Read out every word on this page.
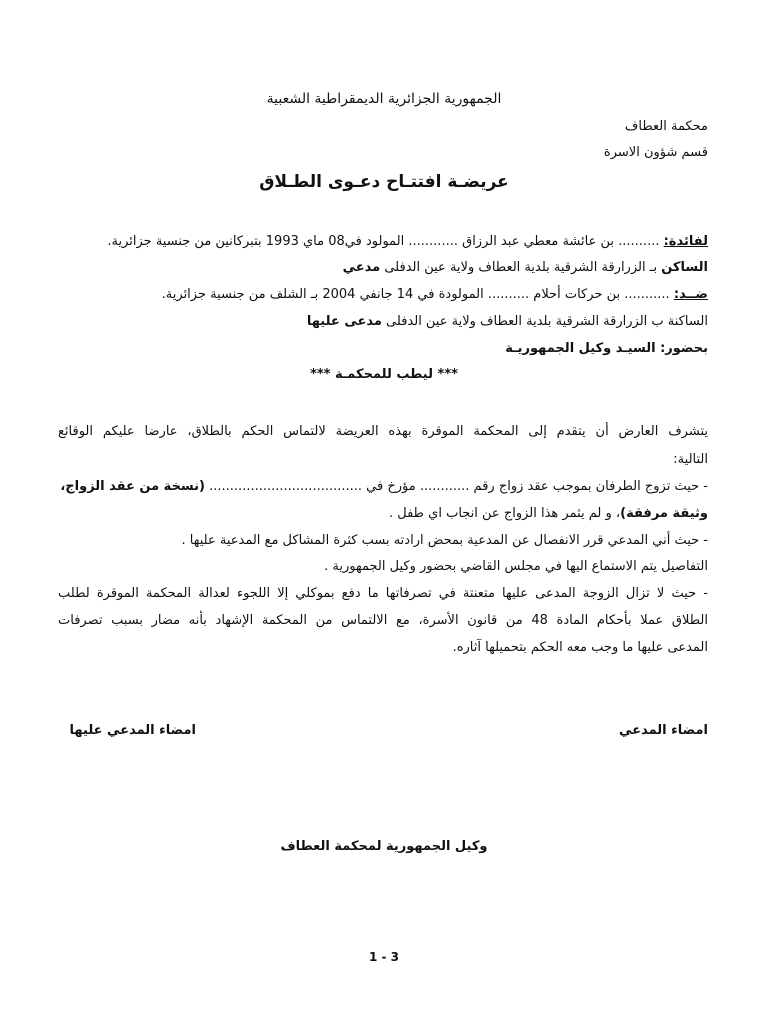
الجمهورية الجزائرية الديمقراطية الشعبية
محكمة العطاف
قسم شؤون الاسرة
عريضـة افتتـاح دعـوى الطـلاق
لفائدة: .......... بن عائشة معطي عبد الرزاق ............ المولود في08 ماي 1993 بتبركانين من جنسية جزائرية.
الساكن بـ الزرارقة الشرقية بلدية العطاف ولاية عين الدفلى مدعي
ضــد: ........... بن حركات أحلام .......... المولودة في 14 جانفي 2004 بـ الشلف من جنسية جزائرية.
الساكنة ب الزرارقة الشرقية بلدية العطاف ولاية عين الدفلى مدعى عليها
بحضور: السيـد وكيل الجمهوريـة
*** ليطب للمحكمـة ***
يتشرف العارض أن يتقدم إلى المحكمة الموقرة بهذه العريضة لالتماس الحكم بالطلاق، عارضا عليكم الوقائع
التالية:
- حيث تزوج الطرفان بموجب عقد زواج رقم ............ مؤرخ في ..................................... (نسخة من عقد الزواج،
وثيقة مرفقة)، و لم يثمر هذا الزواج عن انجاب اي طفل .
- حيث أني المدعي قرر الانفصال عن المدعية بمحض ارادته بسب كثرة المشاكل مع المدعية عليها .
التفاصيل يتم الاستماع اليها في مجلس القاضي بحضور وكيل الجمهورية .
- حيث لا تزال الزوجة المدعى عليها متعنتة في تصرفاتها ما دفع بموكلي إلا اللجوء لعدالة المحكمة الموقرة لطلب
الطلاق عملا بأحكام المادة 48 من قانون الأسرة، مع الالتماس من المحكمة الإشهاد بأنه مضار بسبب تصرفات
المدعى عليها ما وجب معه الحكم بتحميلها آثاره.
امضاء المدعي
امضاء المدعي عليها
وكيل الجمهورية لمحكمة العطاف
1 - 3
